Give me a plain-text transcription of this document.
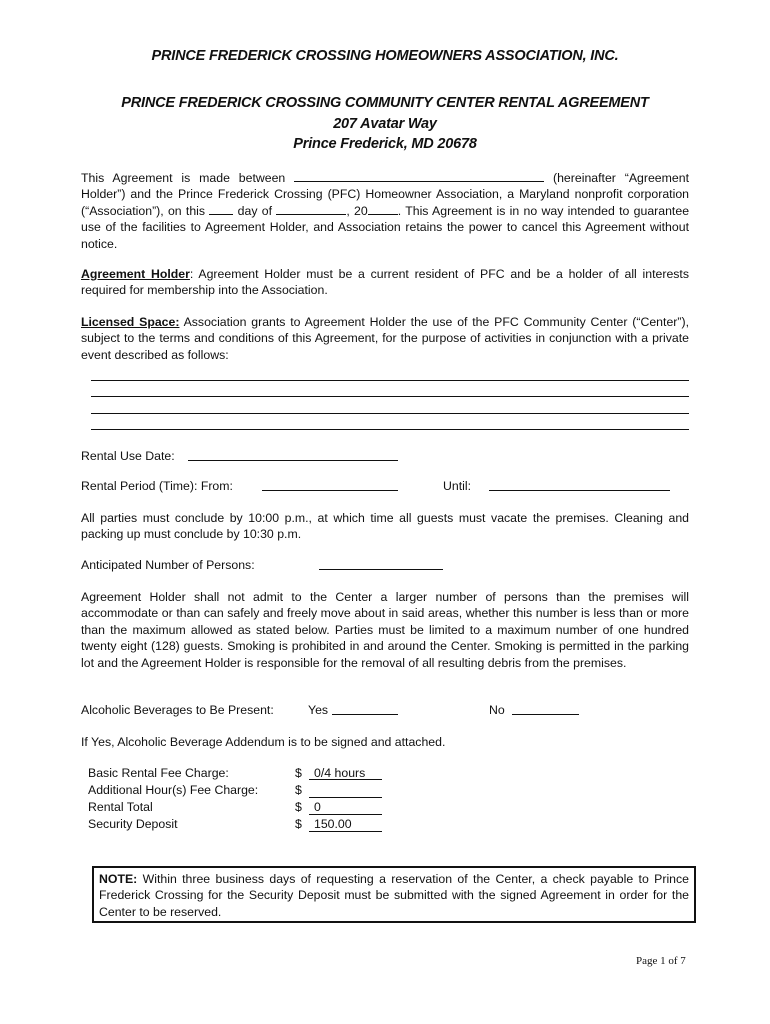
PRINCE FREDERICK CROSSING HOMEOWNERS ASSOCIATION, INC.
PRINCE FREDERICK CROSSING COMMUNITY CENTER RENTAL AGREEMENT
207 Avatar Way
Prince Frederick, MD 20678
This Agreement is made between	(hereinafter “Agreement Holder”) and the Prince Frederick Crossing (PFC) Homeowner Association, a Maryland nonprofit corporation (“Association”), on this	day of	, 20 . This Agreement is in no way intended to guarantee use of the facilities to Agreement Holder, and Association retains the power to cancel this Agreement without notice.
Agreement Holder: Agreement Holder must be a current resident of PFC and be a holder of all interests required for membership into the Association.
Licensed Space: Association grants to Agreement Holder the use of the PFC Community Center (“Center”), subject to the terms and conditions of this Agreement, for the purpose of activities in conjunction with a private event described as follows:
Rental Use Date:
Rental Period (Time): From:	Until:
All parties must conclude by 10:00 p.m., at which time all guests must vacate the premises. Cleaning and packing up must conclude by 10:30 p.m.
Anticipated Number of Persons:
Agreement Holder shall not admit to the Center a larger number of persons than the premises will accommodate or than can safely and freely move about in said areas, whether this number is less than or more than the maximum allowed as stated below. Parties must be limited to a maximum number of one hundred twenty eight (128) guests. Smoking is prohibited in and around the Center. Smoking is permitted in the parking lot and the Agreement Holder is responsible for the removal of all resulting debris from the premises.
Alcoholic Beverages to Be Present:	Yes	No
If Yes, Alcoholic Beverage Addendum is to be signed and attached.
Basic Rental Fee Charge:	$ 0/4 hours
Additional Hour(s) Fee Charge:	$
Rental Total	$ 0
Security Deposit	$ 150.00
NOTE: Within three business days of requesting a reservation of the Center, a check payable to Prince Frederick Crossing for the Security Deposit must be submitted with the signed Agreement in order for the Center to be reserved.
Page 1 of 7
